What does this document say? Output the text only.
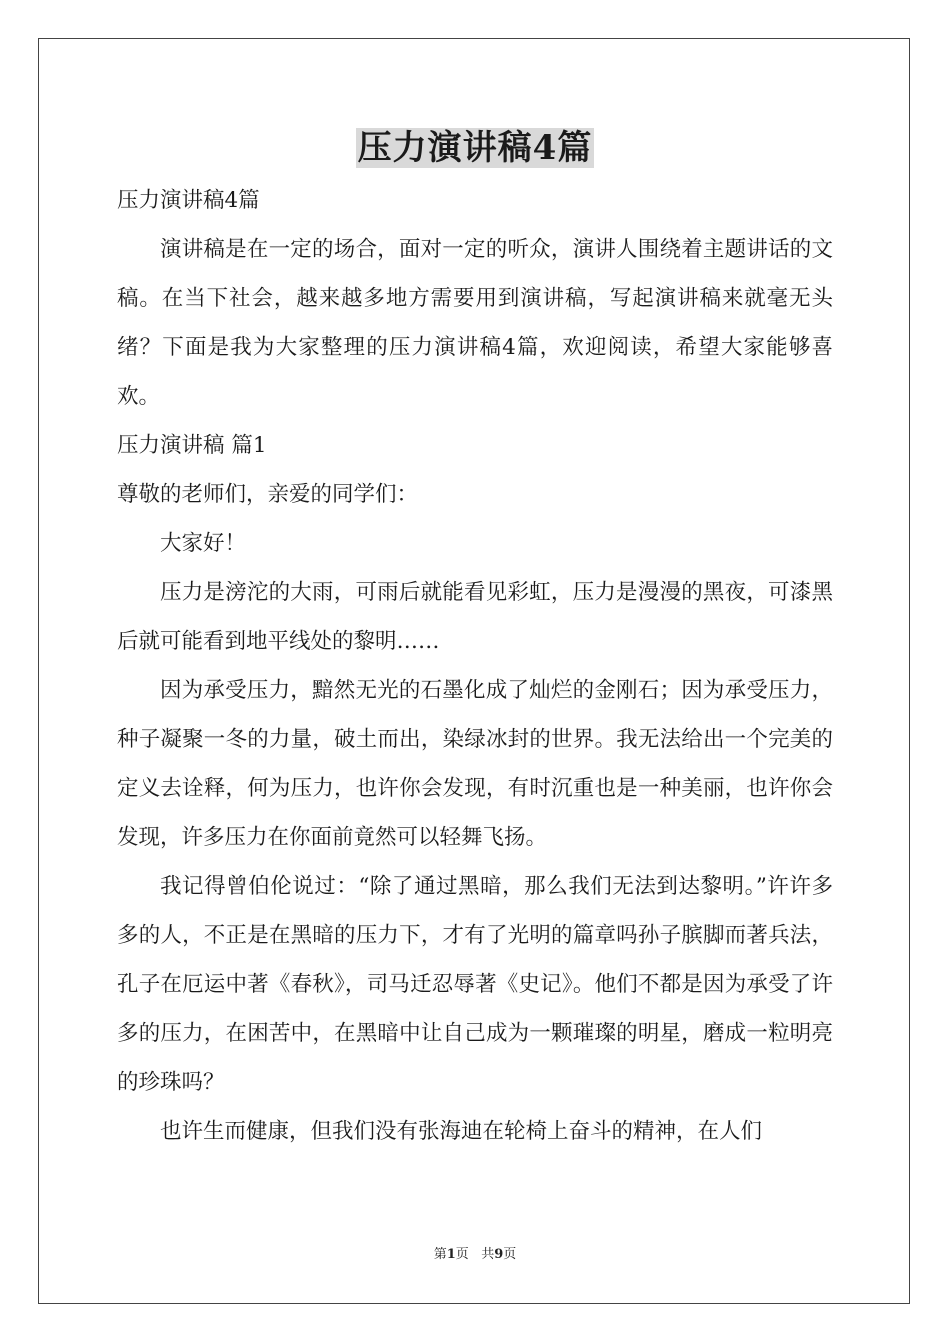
压力演讲稿4篇

压力演讲稿4篇

演讲稿是在一定的场合，面对一定的听众，演讲人围绕着主题讲话的文稿。在当下社会，越来越多地方需要用到演讲稿，写起演讲稿来就毫无头绪？下面是我为大家整理的压力演讲稿4篇，欢迎阅读，希望大家能够喜欢。

压力演讲稿 篇1

尊敬的老师们，亲爱的同学们：

大家好！

压力是滂沱的大雨，可雨后就能看见彩虹，压力是漫漫的黑夜，可漆黑后就可能看到地平线处的黎明……

因为承受压力，黯然无光的石墨化成了灿烂的金刚石；因为承受压力，种子凝聚一冬的力量，破土而出，染绿冰封的世界。我无法给出一个完美的定义去诠释，何为压力，也许你会发现，有时沉重也是一种美丽，也许你会发现，许多压力在你面前竟然可以轻舞飞扬。

我记得曾伯伦说过：“除了通过黑暗，那么我们无法到达黎明。”许许多多的人，不正是在黑暗的压力下，才有了光明的篇章吗孙子膑脚而著兵法，孔子在厄运中著《春秋》，司马迁忍辱著《史记》。他们不都是因为承受了许多的压力，在困苦中，在黑暗中让自己成为一颗璀璨的明星，磨成一粒明亮的珍珠吗？

也许生而健康，但我们没有张海迪在轮椅上奋斗的精神，在人们

第1页 共9页
